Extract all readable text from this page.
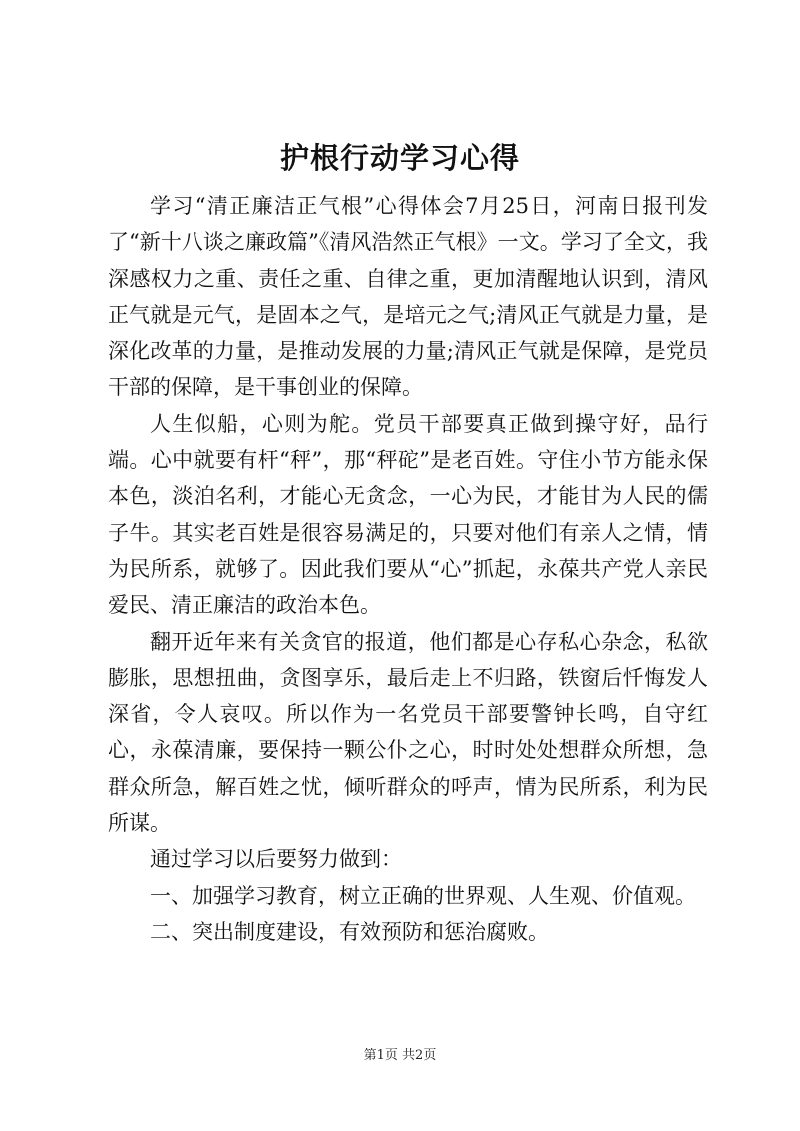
护根行动学习心得

学习“清正廉洁正气根”心得体会7月25日，河南日报刊发了“新十八谈之廉政篇”《清风浩然正气根》一文。学习了全文，我深感权力之重、责任之重、自律之重，更加清醒地认识到，清风正气就是元气，是固本之气，是培元之气;清风正气就是力量，是深化改革的力量，是推动发展的力量;清风正气就是保障，是党员干部的保障，是干事创业的保障。

人生似船，心则为舵。党员干部要真正做到操守好，品行端。心中就要有杆“秤”，那“秤砣”是老百姓。守住小节方能永保本色，淡泊名利，才能心无贪念，一心为民，才能甘为人民的儒子牛。其实老百姓是很容易满足的，只要对他们有亲人之情，情为民所系，就够了。因此我们要从“心”抓起，永葆共产党人亲民爱民、清正廉洁的政治本色。

翻开近年来有关贪官的报道，他们都是心存私心杂念，私欲膨胀，思想扭曲，贪图享乐，最后走上不归路，铁窗后忏悔发人深省，令人哀叹。所以作为一名党员干部要警钟长鸣，自守红心，永葆清廉，要保持一颗公仆之心，时时处处想群众所想，急群众所急，解百姓之忧，倾听群众的呼声，情为民所系，利为民所谋。

通过学习以后要努力做到：

一、加强学习教育，树立正确的世界观、人生观、价值观。

二、突出制度建设，有效预防和惩治腐败。

第1页 共2页
